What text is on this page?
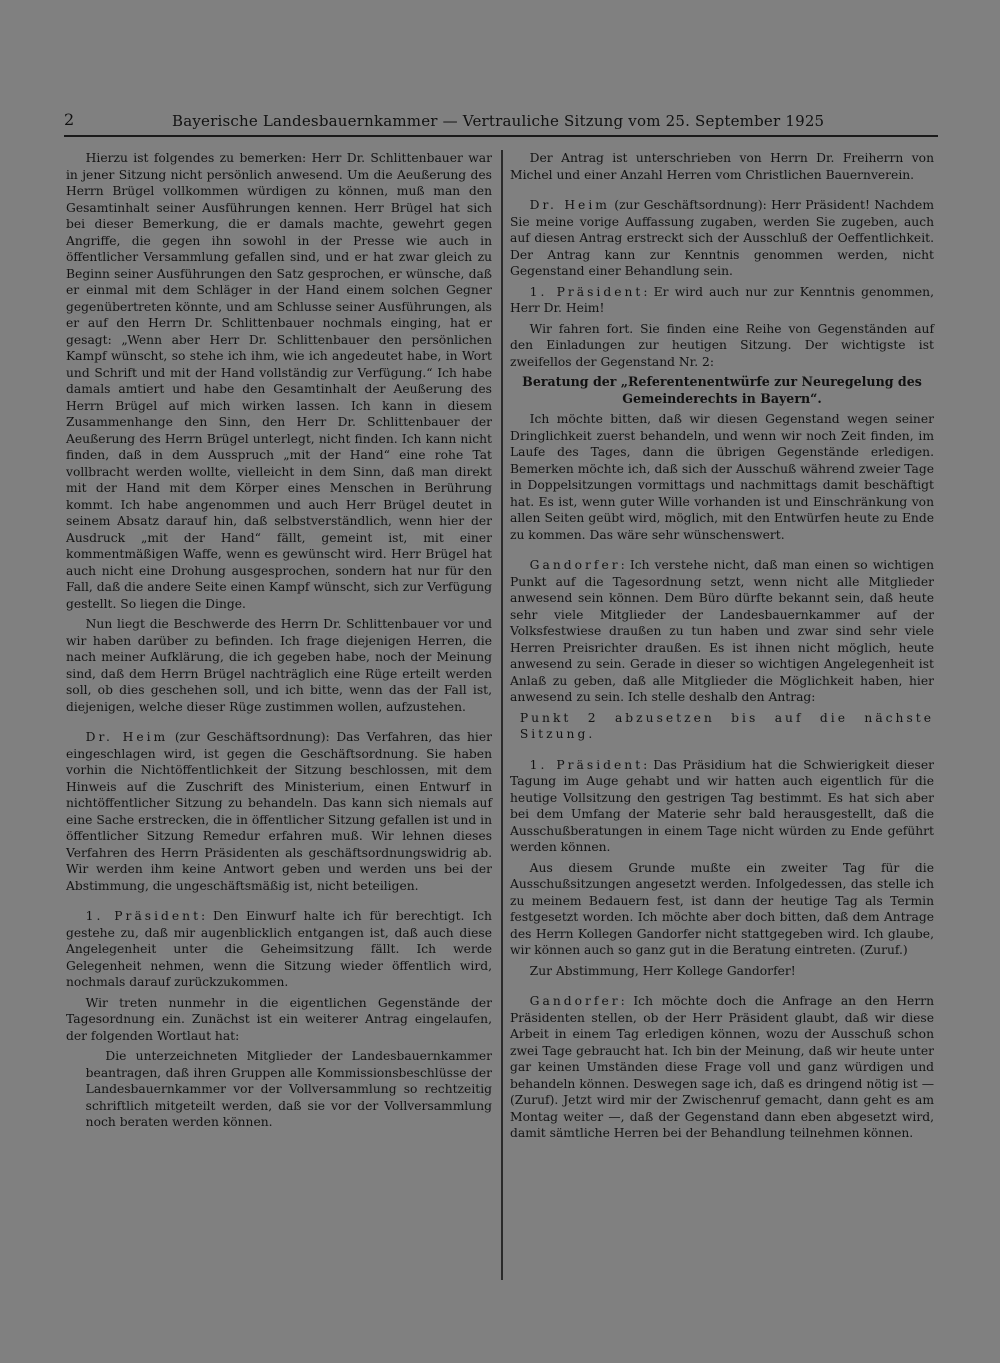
2	Bayerische Landesbauernkammer — Vertrauliche Sitzung vom 25. September 1925

Hierzu ist folgendes zu bemerken: Herr Dr. Schlittenbauer war in jener Sitzung nicht persönlich anwesend. Um die Aeußerung des Herrn Brügel vollkommen würdigen zu können, muß man den Gesamtinhalt seiner Ausführungen kennen. Herr Brügel hat sich bei dieser Bemerkung, die er damals machte, gewehrt gegen Angriffe, die gegen ihn sowohl in der Presse wie auch in öffentlicher Versammlung gefallen sind, und er hat zwar gleich zu Beginn seiner Ausführungen den Satz gesprochen, er wünsche, daß er einmal mit dem Schläger in der Hand einem solchen Gegner gegenübertreten könnte, und am Schlusse seiner Ausführungen, als er auf den Herrn Dr. Schlittenbauer nochmals einging, hat er gesagt: „Wenn aber Herr Dr. Schlittenbauer den persönlichen Kampf wünscht, so stehe ich ihm, wie ich angedeutet habe, in Wort und Schrift und mit der Hand vollständig zur Verfügung.“ Ich habe damals amtiert und habe den Gesamtinhalt der Aeußerung des Herrn Brügel auf mich wirken lassen. Ich kann in diesem Zusammenhange den Sinn, den Herr Dr. Schlittenbauer der Aeußerung des Herrn Brügel unterlegt, nicht finden. Ich kann nicht finden, daß in dem Ausspruch „mit der Hand“ eine rohe Tat vollbracht werden wollte, vielleicht in dem Sinn, daß man direkt mit der Hand mit dem Körper eines Menschen in Berührung kommt. Ich habe angenommen und auch Herr Brügel deutet in seinem Absatz darauf hin, daß selbstverständlich, wenn hier der Ausdruck „mit der Hand“ fällt, gemeint ist, mit einer kommentmäßigen Waffe, wenn es gewünscht wird. Herr Brügel hat auch nicht eine Drohung ausgesprochen, sondern hat nur für den Fall, daß die andere Seite einen Kampf wünscht, sich zur Verfügung gestellt. So liegen die Dinge.

Nun liegt die Beschwerde des Herrn Dr. Schlittenbauer vor und wir haben darüber zu befinden. Ich frage diejenigen Herren, die nach meiner Aufklärung, die ich gegeben habe, noch der Meinung sind, daß dem Herrn Brügel nachträglich eine Rüge erteilt werden soll, ob dies geschehen soll, und ich bitte, wenn das der Fall ist, diejenigen, welche dieser Rüge zustimmen wollen, aufzustehen.

Dr. Heim (zur Geschäftsordnung): Das Verfahren, das hier eingeschlagen wird, ist gegen die Geschäftsordnung. Sie haben vorhin die Nichtöffentlichkeit der Sitzung beschlossen, mit dem Hinweis auf die Zuschrift des Ministerium, einen Entwurf in nichtöffentlicher Sitzung zu behandeln. Das kann sich niemals auf eine Sache erstrecken, die in öffentlicher Sitzung gefallen ist und in öffentlicher Sitzung Remedur erfahren muß. Wir lehnen dieses Verfahren des Herrn Präsidenten als geschäftsordnungswidrig ab. Wir werden ihm keine Antwort geben und werden uns bei der Abstimmung, die ungeschäftsmäßig ist, nicht beteiligen.

1. Präsident: Den Einwurf halte ich für berechtigt. Ich gestehe zu, daß mir augenblicklich entgangen ist, daß auch diese Angelegenheit unter die Geheimsitzung fällt. Ich werde Gelegenheit nehmen, wenn die Sitzung wieder öffentlich wird, nochmals darauf zurückzukommen.

Wir treten nunmehr in die eigentlichen Gegenstände der Tagesordnung ein. Zunächst ist ein weiterer Antrag eingelaufen, der folgenden Wortlaut hat:

Die unterzeichneten Mitglieder der Landesbauernkammer beantragen, daß ihren Gruppen alle Kommissionsbeschlüsse der Landesbauernkammer vor der Vollversammlung so rechtzeitig schriftlich mitgeteilt werden, daß sie vor der Vollversammlung noch beraten werden können.

Der Antrag ist unterschrieben von Herrn Dr. Freiherrn von Michel und einer Anzahl Herren vom Christlichen Bauernverein.

Dr. Heim (zur Geschäftsordnung): Herr Präsident! Nachdem Sie meine vorige Auffassung zugaben, werden Sie zugeben, auch auf diesen Antrag erstreckt sich der Ausschluß der Oeffentlichkeit. Der Antrag kann zur Kenntnis genommen werden, nicht Gegenstand einer Behandlung sein.

1. Präsident: Er wird auch nur zur Kenntnis genommen, Herr Dr. Heim!

Wir fahren fort. Sie finden eine Reihe von Gegenständen auf den Einladungen zur heutigen Sitzung. Der wichtigste ist zweifellos der Gegenstand Nr. 2:

Beratung der „Referentenentwürfe zur Neuregelung des Gemeinderechts in Bayern“.

Ich möchte bitten, daß wir diesen Gegenstand wegen seiner Dringlichkeit zuerst behandeln, und wenn wir noch Zeit finden, im Laufe des Tages, dann die übrigen Gegenstände erledigen. Bemerken möchte ich, daß sich der Ausschuß während zweier Tage in Doppelsitzungen vormittags und nachmittags damit beschäftigt hat. Es ist, wenn guter Wille vorhanden ist und Einschränkung von allen Seiten geübt wird, möglich, mit den Entwürfen heute zu Ende zu kommen. Das wäre sehr wünschenswert.

Gandorfer: Ich verstehe nicht, daß man einen so wichtigen Punkt auf die Tagesordnung setzt, wenn nicht alle Mitglieder anwesend sein können. Dem Büro dürfte bekannt sein, daß heute sehr viele Mitglieder der Landesbauernkammer auf der Volksfestwiese draußen zu tun haben und zwar sind sehr viele Herren Preisrichter draußen. Es ist ihnen nicht möglich, heute anwesend zu sein. Gerade in dieser so wichtigen Angelegenheit ist Anlaß zu geben, daß alle Mitglieder die Möglichkeit haben, hier anwesend zu sein. Ich stelle deshalb den Antrag:

Punkt 2 abzusetzen bis auf die nächste Sitzung.

1. Präsident: Das Präsidium hat die Schwierigkeit dieser Tagung im Auge gehabt und wir hatten auch eigentlich für die heutige Vollsitzung den gestrigen Tag bestimmt. Es hat sich aber bei dem Umfang der Materie sehr bald herausgestellt, daß die Ausschußberatungen in einem Tage nicht würden zu Ende geführt werden können.

Aus diesem Grunde mußte ein zweiter Tag für die Ausschußsitzungen angesetzt werden. Infolgedessen, das stelle ich zu meinem Bedauern fest, ist dann der heutige Tag als Termin festgesetzt worden. Ich möchte aber doch bitten, daß dem Antrage des Herrn Kollegen Gandorfer nicht stattgegeben wird. Ich glaube, wir können auch so ganz gut in die Beratung eintreten. (Zuruf.)

Zur Abstimmung, Herr Kollege Gandorfer!

Gandorfer: Ich möchte doch die Anfrage an den Herrn Präsidenten stellen, ob der Herr Präsident glaubt, daß wir diese Arbeit in einem Tag erledigen können, wozu der Ausschuß schon zwei Tage gebraucht hat. Ich bin der Meinung, daß wir heute unter gar keinen Umständen diese Frage voll und ganz würdigen und behandeln können. Deswegen sage ich, daß es dringend nötig ist — (Zuruf). Jetzt wird mir der Zwischenruf gemacht, dann geht es am Montag weiter —, daß der Gegenstand dann eben abgesetzt wird, damit sämtliche Herren bei der Behandlung teilnehmen können.
